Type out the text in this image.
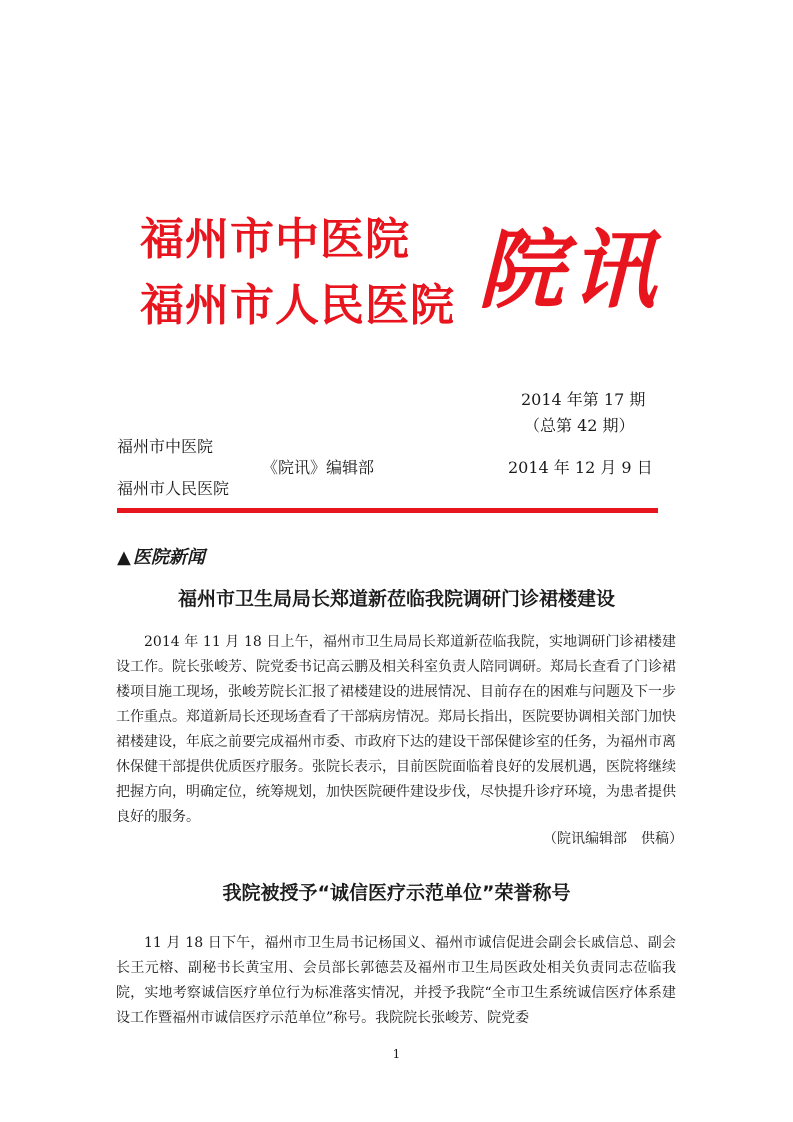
福州市中医院
福州市人民医院 院讯
2014 年第 17 期
（总第 42 期）
福州市中医院
《院讯》编辑部	2014 年 12 月 9 日
福州市人民医院
▲ 医院新闻
福州市卫生局局长郑道新莅临我院调研门诊裙楼建设
2014 年 11 月 18 日上午，福州市卫生局局长郑道新莅临我院，实地调研门诊裙楼建设工作。院长张峻芳、院党委书记高云鹏及相关科室负责人陪同调研。郑局长查看了门诊裙楼项目施工现场，张峻芳院长汇报了裙楼建设的进展情况、目前存在的困难与问题及下一步工作重点。郑道新局长还现场查看了干部病房情况。郑局长指出，医院要协调相关部门加快裙楼建设，年底之前要完成福州市委、市政府下达的建设干部保健诊室的任务，为福州市离休保健干部提供优质医疗服务。张院长表示，目前医院面临着良好的发展机遇，医院将继续把握方向，明确定位，统筹规划，加快医院硬件建设步伐，尽快提升诊疗环境，为患者提供良好的服务。
（院讯编辑部　供稿）
我院被授予“诚信医疗示范单位”荣誉称号
11 月 18 日下午，福州市卫生局书记杨国义、福州市诚信促进会副会长戚信总、副会长王元榕、副秘书长黄宝用、会员部长郭德芸及福州市卫生局医政处相关负责同志莅临我院，实地考察诚信医疗单位行为标准落实情况，并授予我院“全市卫生系统诚信医疗体系建设工作暨福州市诚信医疗示范单位”称号。我院院长张峻芳、院党委
1
